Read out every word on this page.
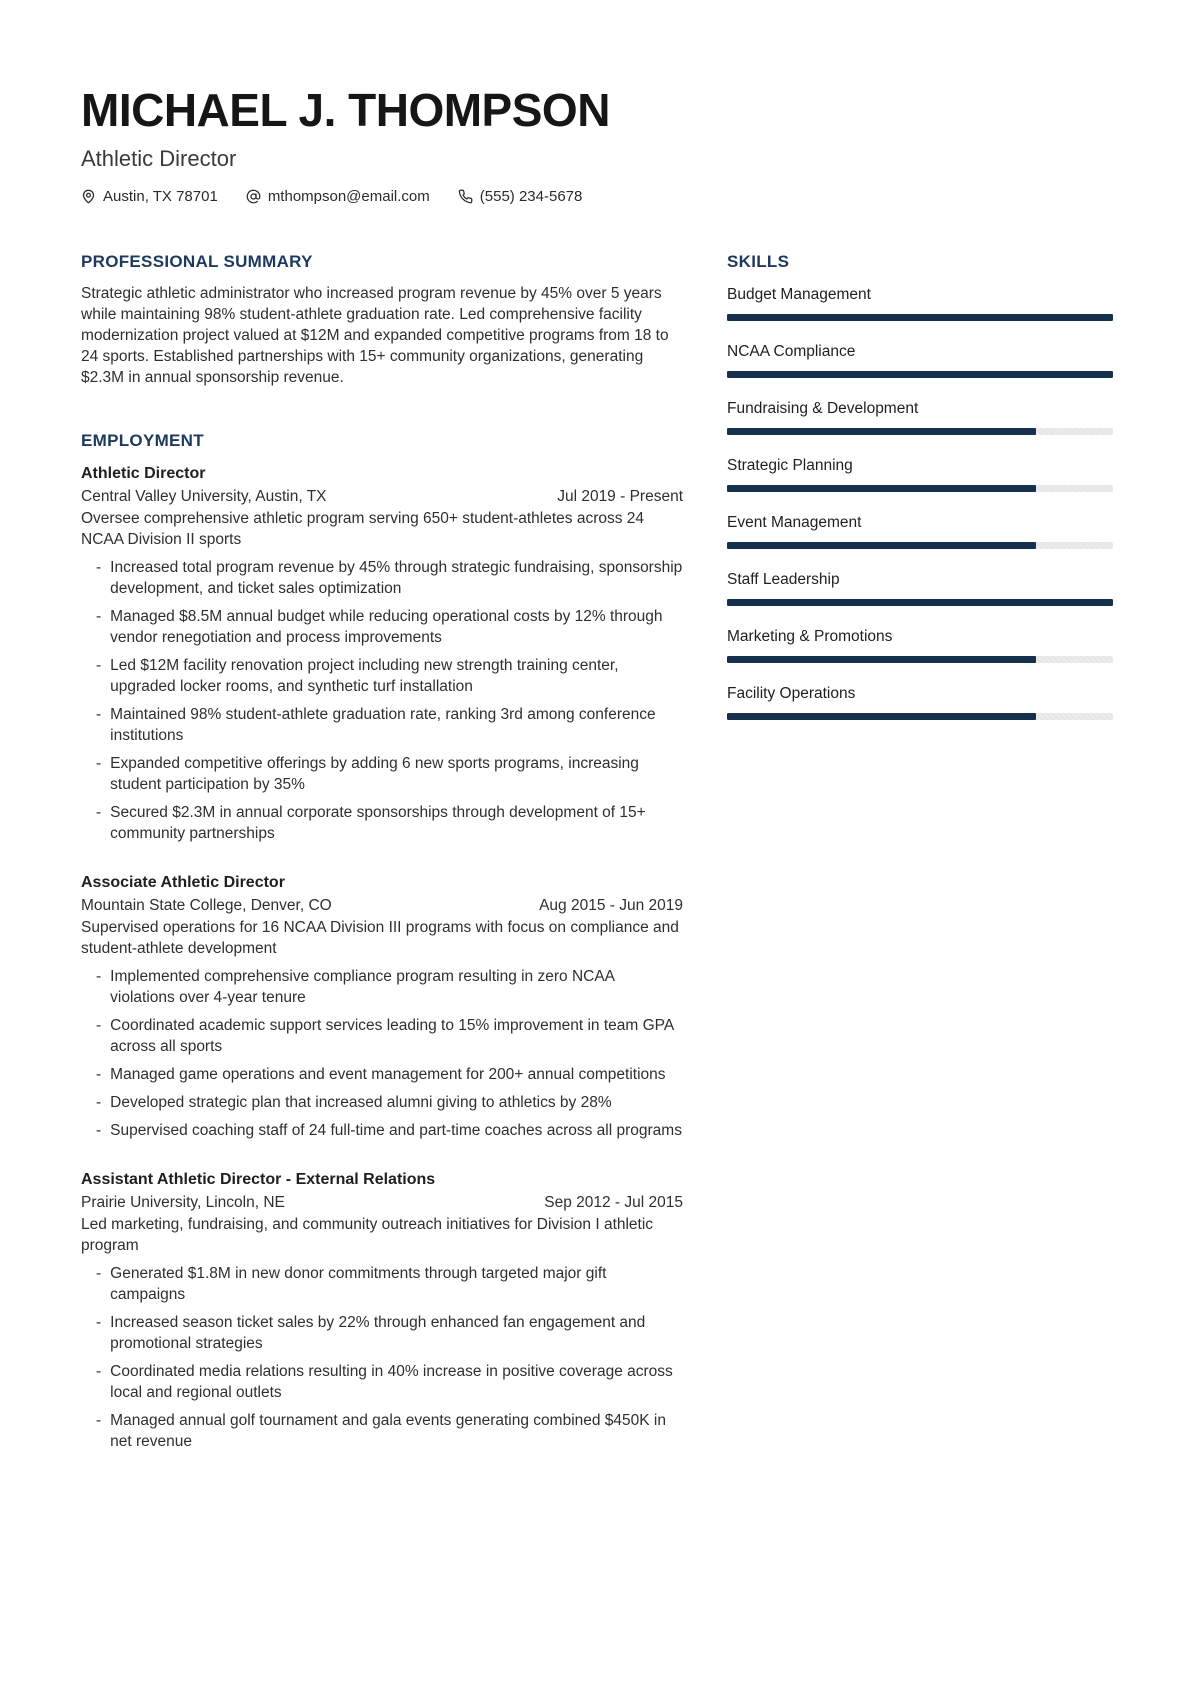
MICHAEL J. THOMPSON
Athletic Director
Austin, TX 78701	mthompson@email.com	(555) 234-5678
PROFESSIONAL SUMMARY

Strategic athletic administrator who increased program revenue by 45% over 5 years while maintaining 98% student-athlete graduation rate. Led comprehensive facility modernization project valued at $12M and expanded competitive programs from 18 to 24 sports. Established partnerships with 15+ community organizations, generating $2.3M in annual sponsorship revenue.

EMPLOYMENT
Athletic Director
Central Valley University, Austin, TX	Jul 2019 - Present
Oversee comprehensive athletic program serving 650+ student-athletes across 24 NCAA Division II sports
- Increased total program revenue by 45% through strategic fundraising, sponsorship development, and ticket sales optimization
- Managed $8.5M annual budget while reducing operational costs by 12% through vendor renegotiation and process improvements
- Led $12M facility renovation project including new strength training center, upgraded locker rooms, and synthetic turf installation
- Maintained 98% student-athlete graduation rate, ranking 3rd among conference institutions
- Expanded competitive offerings by adding 6 new sports programs, increasing student participation by 35%
- Secured $2.3M in annual corporate sponsorships through development of 15+ community partnerships
Associate Athletic Director
Mountain State College, Denver, CO	Aug 2015 - Jun 2019
Supervised operations for 16 NCAA Division III programs with focus on compliance and student-athlete development
- Implemented comprehensive compliance program resulting in zero NCAA violations over 4-year tenure
- Coordinated academic support services leading to 15% improvement in team GPA across all sports
- Managed game operations and event management for 200+ annual competitions
- Developed strategic plan that increased alumni giving to athletics by 28%
- Supervised coaching staff of 24 full-time and part-time coaches across all programs
Assistant Athletic Director - External Relations
Prairie University, Lincoln, NE	Sep 2012 - Jul 2015
Led marketing, fundraising, and community outreach initiatives for Division I athletic program
- Generated $1.8M in new donor commitments through targeted major gift campaigns
- Increased season ticket sales by 22% through enhanced fan engagement and promotional strategies
- Coordinated media relations resulting in 40% increase in positive coverage across local and regional outlets
- Managed annual golf tournament and gala events generating combined $450K in net revenue
SKILLS
Budget Management
NCAA Compliance
Fundraising & Development
Strategic Planning
Event Management
Staff Leadership
Marketing & Promotions
Facility Operations
